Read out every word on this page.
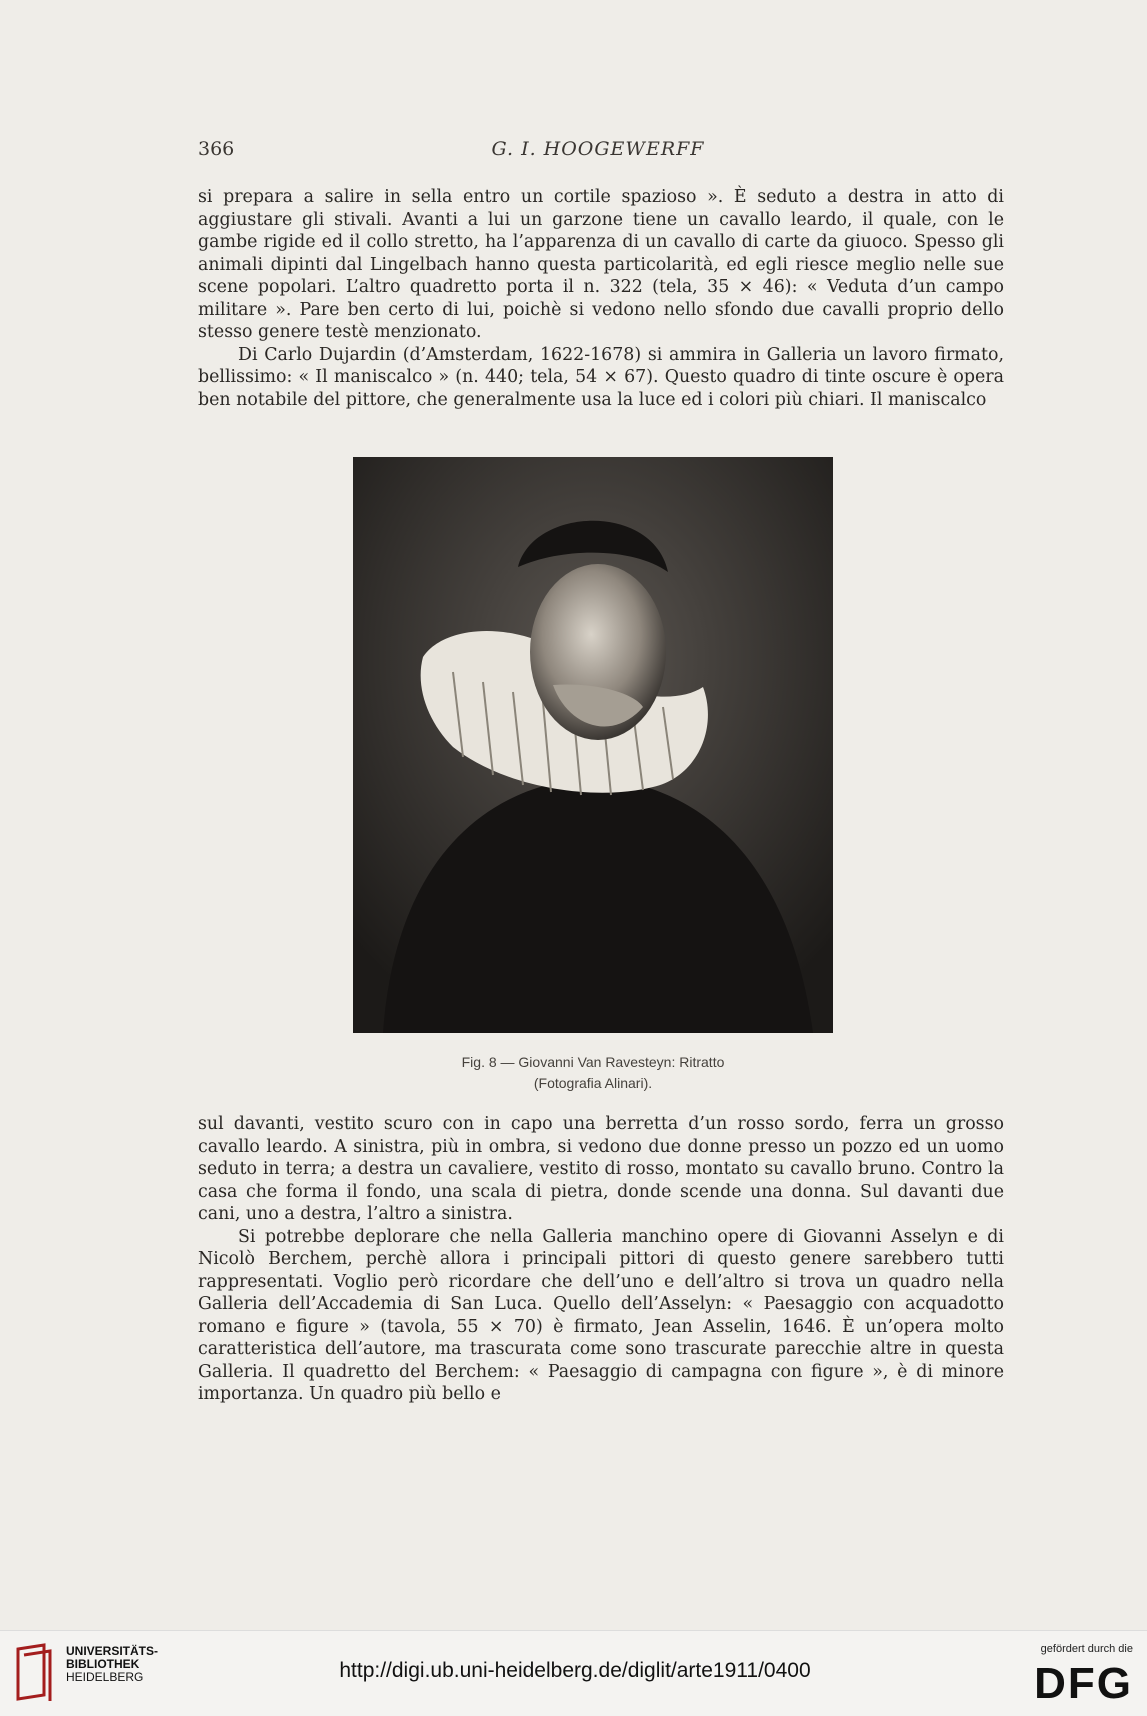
366	G. I. HOOGEWERFF

si prepara a salire in sella entro un cortile spazioso ». È seduto a destra in atto di aggiustare gli stivali. Avanti a lui un garzone tiene un cavallo leardo, il quale, con le gambe rigide ed il collo stretto, ha l’apparenza di un cavallo di carte da giuoco. Spesso gli animali dipinti dal Lingelbach hanno questa particolarità, ed egli riesce meglio nelle sue scene popolari. L’altro quadretto porta il n. 322 (tela, 35 × 46): « Veduta d’un campo militare ». Pare ben certo di lui, poichè si vedono nello sfondo due cavalli proprio dello stesso genere testè menzionato.

Di Carlo Dujardin (d’Amsterdam, 1622-1678) si ammira in Galleria un lavoro firmato, bellissimo: « Il maniscalco » (n. 440; tela, 54 × 67). Questo quadro di tinte oscure è opera ben notabile del pittore, che generalmente usa la luce ed i colori più chiari. Il maniscalco

Fig. 8 — Giovanni Van Ravesteyn: Ritratto
(Fotografia Alinari).

sul davanti, vestito scuro con in capo una berretta d’un rosso sordo, ferra un grosso cavallo leardo. A sinistra, più in ombra, si vedono due donne presso un pozzo ed un uomo seduto in terra; a destra un cavaliere, vestito di rosso, montato su cavallo bruno. Contro la casa che forma il fondo, una scala di pietra, donde scende una donna. Sul davanti due cani, uno a destra, l’altro a sinistra.

Si potrebbe deplorare che nella Galleria manchino opere di Giovanni Asselyn e di Nicolò Berchem, perchè allora i principali pittori di questo genere sarebbero tutti rappresentati. Voglio però ricordare che dell’uno e dell’altro si trova un quadro nella Galleria dell’Accademia di San Luca. Quello dell’Asselyn: « Paesaggio con acquadotto romano e figure » (tavola, 55 × 70) è firmato, Jean Asselin, 1646. È un’opera molto caratteristica dell’autore, ma trascurata come sono trascurate parecchie altre in questa Galleria. Il quadretto del Berchem: « Paesaggio di campagna con figure », è di minore importanza. Un quadro più bello e

UNIVERSITÄTS-
BIBLIOTHEK
HEIDELBERG	http://digi.ub.uni-heidelberg.de/diglit/arte1911/0400
gefördert durch die
DFG
